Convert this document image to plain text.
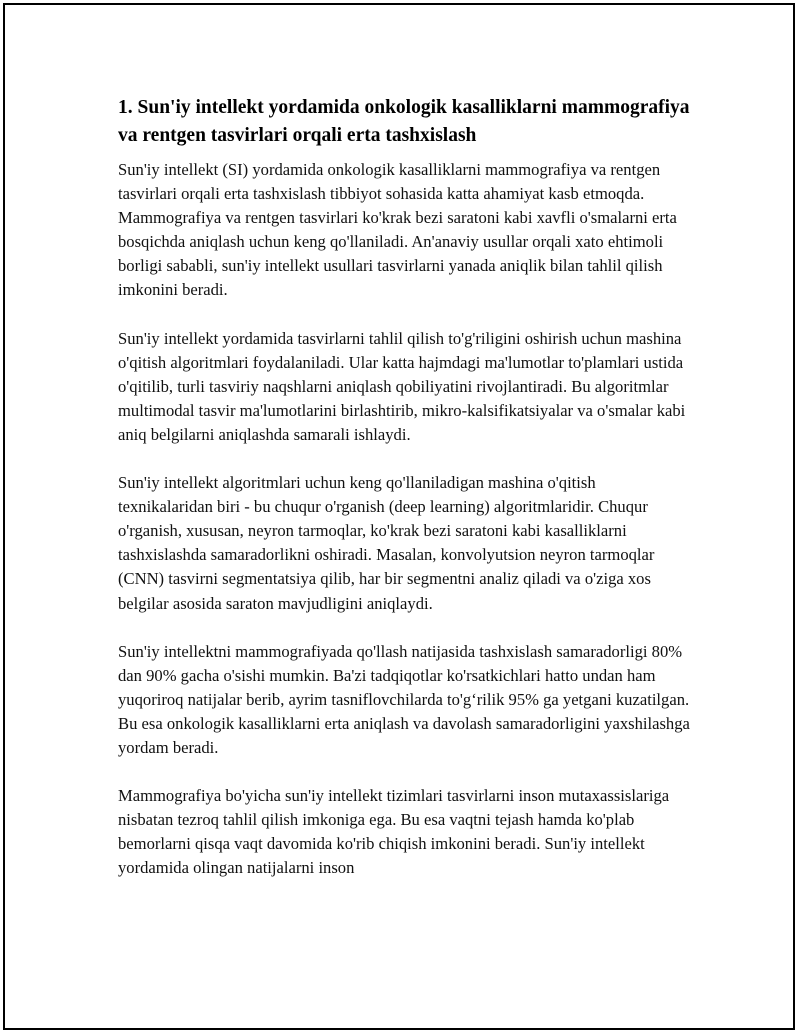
1. Sun'iy intellekt yordamida onkologik kasalliklarni mammografiya va rentgen tasvirlari orqali erta tashxislash

Sun'iy intellekt (SI) yordamida onkologik kasalliklarni mammografiya va rentgen tasvirlari orqali erta tashxislash tibbiyot sohasida katta ahamiyat kasb etmoqda. Mammografiya va rentgen tasvirlari ko'krak bezi saratoni kabi xavfli o'smalarni erta bosqichda aniqlash uchun keng qo'llaniladi. An'anaviy usullar orqali xato ehtimoli borligi sababli, sun'iy intellekt usullari tasvirlarni yanada aniqlik bilan tahlil qilish imkonini beradi.

Sun'iy intellekt yordamida tasvirlarni tahlil qilish to'g'riligini oshirish uchun mashina o'qitish algoritmlari foydalaniladi. Ular katta hajmdagi ma'lumotlar to'plamlari ustida o'qitilib, turli tasviriy naqshlarni aniqlash qobiliyatini rivojlantiradi. Bu algoritmlar multimodal tasvir ma'lumotlarini birlashtirib, mikro-kalsifikatsiyalar va o'smalar kabi aniq belgilarni aniqlashda samarali ishlaydi.

Sun'iy intellekt algoritmlari uchun keng qo'llaniladigan mashina o'qitish texnikalaridan biri - bu chuqur o'rganish (deep learning) algoritmlaridir. Chuqur o'rganish, xususan, neyron tarmoqlar, ko'krak bezi saratoni kabi kasalliklarni tashxislashda samaradorlikni oshiradi. Masalan, konvolyutsion neyron tarmoqlar (CNN) tasvirni segmentatsiya qilib, har bir segmentni analiz qiladi va o'ziga xos belgilar asosida saraton mavjudligini aniqlaydi.

Sun'iy intellektni mammografiyada qo'llash natijasida tashxislash samaradorligi 80% dan 90% gacha o'sishi mumkin. Ba'zi tadqiqotlar ko'rsatkichlari hatto undan ham yuqoriroq natijalar berib, ayrim tasniflovchilarda to'g‘rilik 95% ga yetgani kuzatilgan. Bu esa onkologik kasalliklarni erta aniqlash va davolash samaradorligini yaxshilashga yordam beradi.

Mammografiya bo'yicha sun'iy intellekt tizimlari tasvirlarni inson mutaxassislariga nisbatan tezroq tahlil qilish imkoniga ega. Bu esa vaqtni tejash hamda ko'plab bemorlarni qisqa vaqt davomida ko'rib chiqish imkonini beradi. Sun'iy intellekt yordamida olingan natijalarni inson
